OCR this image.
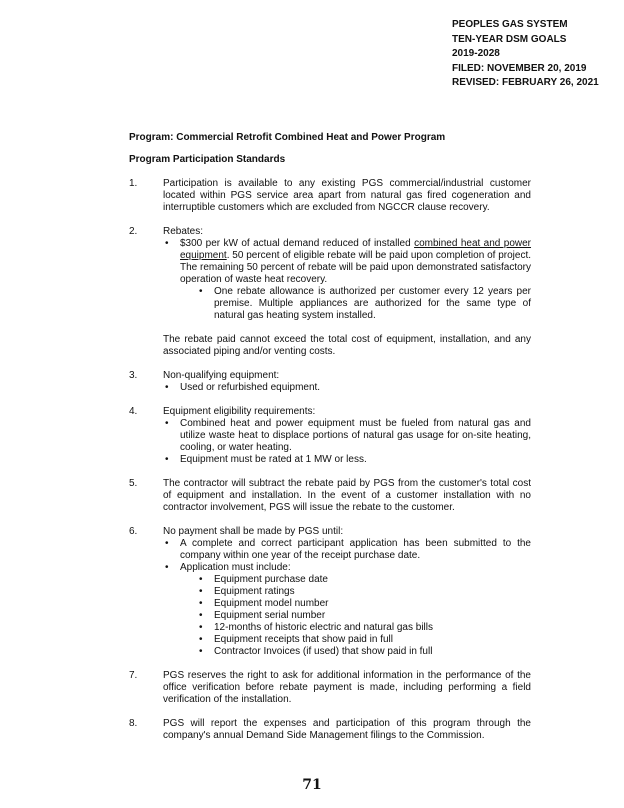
PEOPLES GAS SYSTEM
TEN-YEAR DSM GOALS
2019-2028
FILED: NOVEMBER 20, 2019
REVISED: FEBRUARY 26, 2021
Program: Commercial Retrofit Combined Heat and Power Program
Program Participation Standards
1.	Participation is available to any existing PGS commercial/industrial customer located within PGS service area apart from natural gas fired cogeneration and interruptible customers which are excluded from NGCCR clause recovery.
2.	Rebates:
• $300 per kW of actual demand reduced of installed combined heat and power equipment. 50 percent of eligible rebate will be paid upon completion of project. The remaining 50 percent of rebate will be paid upon demonstrated satisfactory operation of waste heat recovery.
• One rebate allowance is authorized per customer every 12 years per premise. Multiple appliances are authorized for the same type of natural gas heating system installed.
The rebate paid cannot exceed the total cost of equipment, installation, and any associated piping and/or venting costs.
3.	Non-qualifying equipment:
• Used or refurbished equipment.
4.	Equipment eligibility requirements:
• Combined heat and power equipment must be fueled from natural gas and utilize waste heat to displace portions of natural gas usage for on-site heating, cooling, or water heating.
• Equipment must be rated at 1 MW or less.
5.	The contractor will subtract the rebate paid by PGS from the customer's total cost of equipment and installation. In the event of a customer installation with no contractor involvement, PGS will issue the rebate to the customer.
6.	No payment shall be made by PGS until:
• A complete and correct participant application has been submitted to the company within one year of the receipt purchase date.
• Application must include:
• Equipment purchase date
• Equipment ratings
• Equipment model number
• Equipment serial number
• 12-months of historic electric and natural gas bills
• Equipment receipts that show paid in full
• Contractor Invoices (if used) that show paid in full
7.	PGS reserves the right to ask for additional information in the performance of the office verification before rebate payment is made, including performing a field verification of the installation.
8.	PGS will report the expenses and participation of this program through the company's annual Demand Side Management filings to the Commission.
71
